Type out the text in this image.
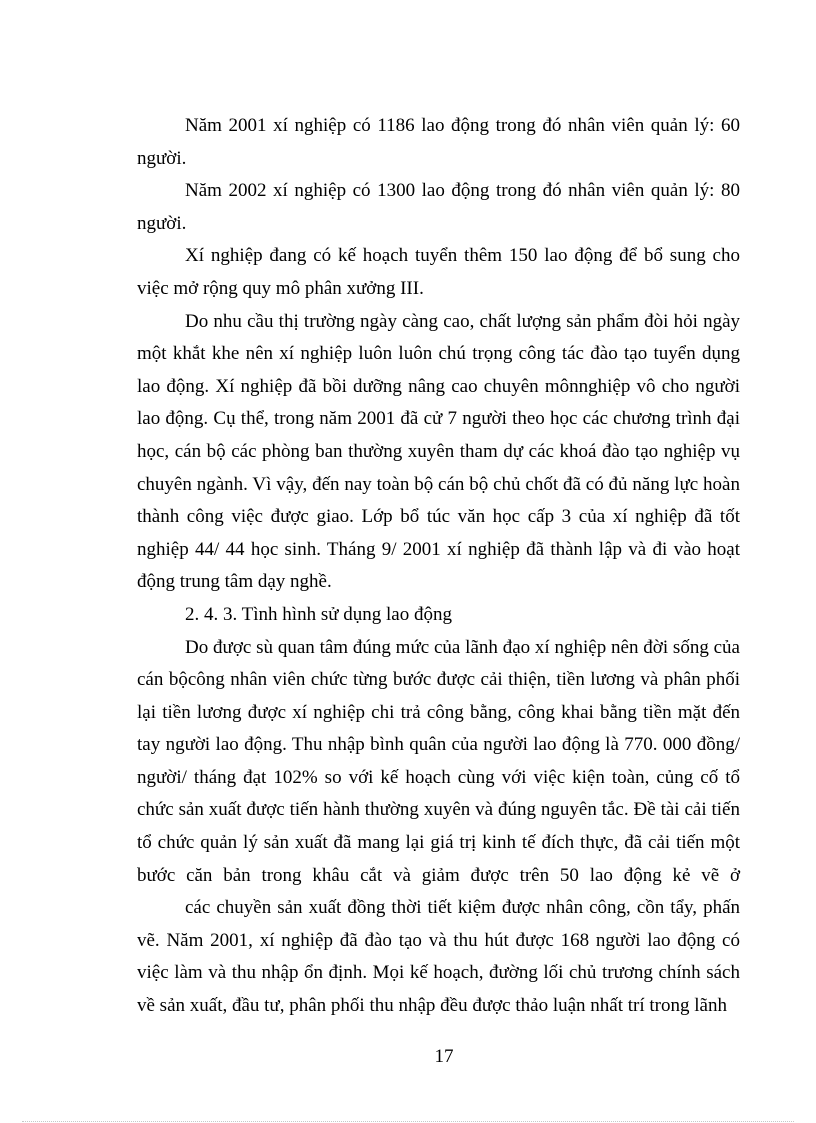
Năm 2001 xí nghiệp có 1186 lao động trong đó nhân viên quản lý: 60 người.

Năm 2002 xí nghiệp có 1300 lao động trong đó nhân viên quản lý: 80 người.

Xí nghiệp đang có kế hoạch tuyển thêm 150 lao động để bổ sung cho việc mở rộng quy mô phân xưởng III.

Do nhu cầu thị trường ngày càng cao, chất lượng sản phẩm đòi hỏi ngày một khắt khe nên xí nghiệp luôn luôn chú trọng công tác đào tạo tuyển dụng lao động. Xí nghiệp đã bồi dưỡng nâng cao chuyên mônnghiệp vô cho người lao động. Cụ thể, trong năm 2001 đã cử 7 người theo học các chương trình đại học, cán bộ các phòng ban thường xuyên tham dự các khoá đào tạo nghiệp vụ chuyên ngành. Vì vậy, đến nay toàn bộ cán bộ chủ chốt đã có đủ năng lực hoàn thành công việc được giao. Lớp bổ túc văn học cấp 3 của xí nghiệp đã tốt nghiệp 44/ 44 học sinh. Tháng 9/ 2001 xí nghiệp đã thành lập và đi vào hoạt động trung tâm dạy nghề.

2. 4. 3. Tình hình sử dụng lao động

Do được sù quan tâm đúng mức của lãnh đạo xí nghiệp nên đời sống của cán bộcông nhân viên chức từng bước được cải thiện, tiền lương và phân phối lại tiền lương được xí nghiệp chi trả công bằng, công khai bằng tiền mặt đến tay người lao động. Thu nhập bình quân của người lao động là 770. 000 đồng/ người/ tháng đạt 102% so với kế hoạch cùng với việc kiện toàn, củng cố tổ chức sản xuất được tiến hành thường xuyên và đúng nguyên tắc. Đề tài cải tiến tổ chức quản lý sản xuất đã mang lại giá trị kinh tế đích thực, đã cải tiến một bước căn bản trong khâu cắt và giảm được trên 50 lao động kẻ vẽ ở

các chuyền sản xuất đồng thời tiết kiệm được nhân công, cồn tẩy, phấn vẽ. Năm 2001, xí nghiệp đã đào tạo và thu hút được 168 người lao động có việc làm và thu nhập ổn định. Mọi kế hoạch, đường lối chủ trương chính sách về sản xuất, đầu tư, phân phối thu nhập đều được thảo luận nhất trí trong lãnh

17
